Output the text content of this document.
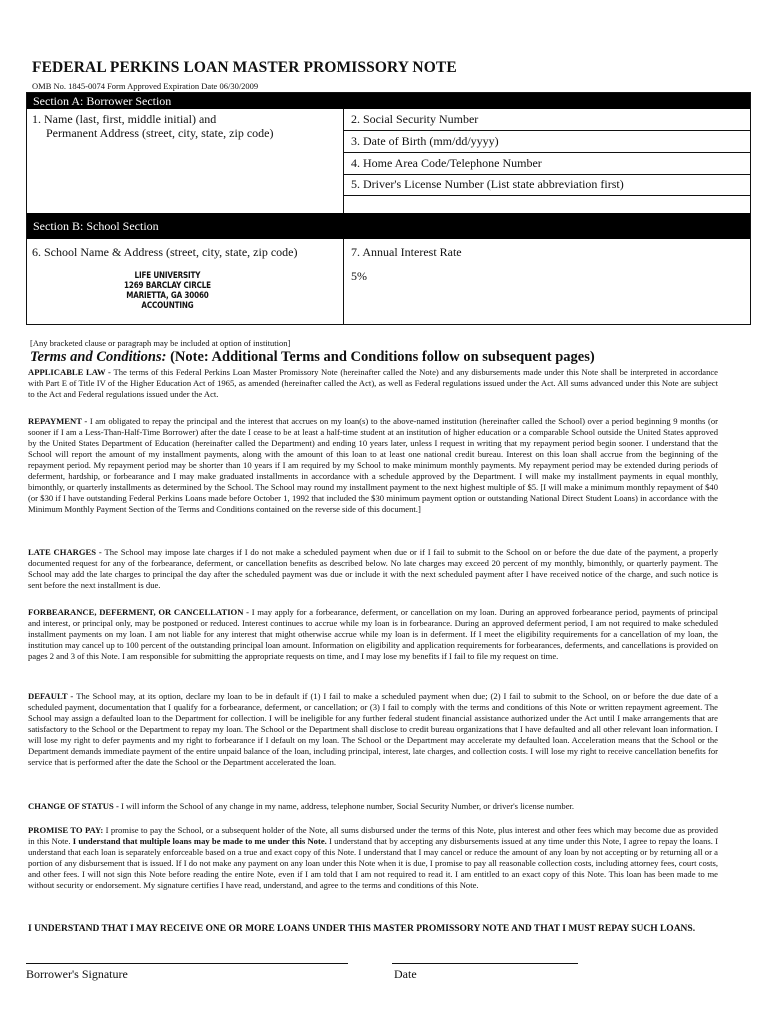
FEDERAL PERKINS LOAN MASTER PROMISSORY NOTE
OMB No. 1845-0074 Form Approved Expiration Date 06/30/2009
Section A: Borrower Section
1. Name (last, first, middle initial) and
Permanent Address (street, city, state, zip code)
2. Social Security Number
3. Date of Birth (mm/dd/yyyy)
4. Home Area Code/Telephone Number
5. Driver's License Number (List state abbreviation first)
Section B: School Section
6. School Name & Address (street, city, state, zip code)	7. Annual Interest Rate
5%
LIFE UNIVERSITY
1269 BARCLAY CIRCLE
MARIETTA, GA 30060
ACCOUNTING
[Any bracketed clause or paragraph may be included at option of institution]
Terms and Conditions: (Note: Additional Terms and Conditions follow on subsequent pages)
APPLICABLE LAW - The terms of this Federal Perkins Loan Master Promissory Note (hereinafter called the Note) and any disbursements made under this Note shall be interpreted in accordance with Part E of Title IV of the Higher Education Act of 1965, as amended (hereinafter called the Act), as well as Federal regulations issued under the Act. All sums advanced under this Note are subject to the Act and Federal regulations issued under the Act.
REPAYMENT - I am obligated to repay the principal and the interest that accrues on my loan(s) to the above-named institution (hereinafter called the School) over a period beginning 9 months (or sooner if I am a Less-Than-Half-Time Borrower) after the date I cease to be at least a half-time student at an institution of higher education or a comparable School outside the United States approved by the United States Department of Education (hereinafter called the Department) and ending 10 years later, unless I request in writing that my repayment period begin sooner. I understand that the School will report the amount of my installment payments, along with the amount of this loan to at least one national credit bureau. Interest on this loan shall accrue from the beginning of the repayment period. My repayment period may be shorter than 10 years if I am required by my School to make minimum monthly payments. My repayment period may be extended during periods of deferment, hardship, or forbearance and I may make graduated installments in accordance with a schedule approved by the Department. I will make my installment payments in equal monthly, bimonthly, or quarterly installments as determined by the School. The School may round my installment payment to the next highest multiple of $5. [I will make a minimum monthly repayment of $40 (or $30 if I have outstanding Federal Perkins Loans made before October 1, 1992 that included the $30 minimum payment option or outstanding National Direct Student Loans) in accordance with the Minimum Monthly Payment Section of the Terms and Conditions contained on the reverse side of this document.]
LATE CHARGES - The School may impose late charges if I do not make a scheduled payment when due or if I fail to submit to the School on or before the due date of the payment, a properly documented request for any of the forbearance, deferment, or cancellation benefits as described below. No late charges may exceed 20 percent of my monthly, bimonthly, or quarterly payment. The School may add the late charges to principal the day after the scheduled payment was due or include it with the next scheduled payment after I have received notice of the charge, and such notice is sent before the next installment is due.
FORBEARANCE, DEFERMENT, OR CANCELLATION - I may apply for a forbearance, deferment, or cancellation on my loan. During an approved forbearance period, payments of principal and interest, or principal only, may be postponed or reduced. Interest continues to accrue while my loan is in forbearance. During an approved deferment period, I am not required to make scheduled installment payments on my loan. I am not liable for any interest that might otherwise accrue while my loan is in deferment. If I meet the eligibility requirements for a cancellation of my loan, the institution may cancel up to 100 percent of the outstanding principal loan amount. Information on eligibility and application requirements for forbearances, deferments, and cancellations is provided on pages 2 and 3 of this Note. I am responsible for submitting the appropriate requests on time, and I may lose my benefits if I fail to file my request on time.
DEFAULT - The School may, at its option, declare my loan to be in default if (1) I fail to make a scheduled payment when due; (2) I fail to submit to the School, on or before the due date of a scheduled payment, documentation that I qualify for a forbearance, deferment, or cancellation; or (3) I fail to comply with the terms and conditions of this Note or written repayment agreement. The School may assign a defaulted loan to the Department for collection. I will be ineligible for any further federal student financial assistance authorized under the Act until I make arrangements that are satisfactory to the School or the Department to repay my loan. The School or the Department shall disclose to credit bureau organizations that I have defaulted and all other relevant loan information. I will lose my right to defer payments and my right to forbearance if I default on my loan. The School or the Department may accelerate my defaulted loan. Acceleration means that the School or the Department demands immediate payment of the entire unpaid balance of the loan, including principal, interest, late charges, and collection costs. I will lose my right to receive cancellation benefits for service that is performed after the date the School or the Department accelerated the loan.
CHANGE OF STATUS - I will inform the School of any change in my name, address, telephone number, Social Security Number, or driver's license number.
PROMISE TO PAY: I promise to pay the School, or a subsequent holder of the Note, all sums disbursed under the terms of this Note, plus interest and other fees which may become due as provided in this Note. I understand that multiple loans may be made to me under this Note. I understand that by accepting any disbursements issued at any time under this Note, I agree to repay the loans. I understand that each loan is separately enforceable based on a true and exact copy of this Note. I understand that I may cancel or reduce the amount of any loan by not accepting or by returning all or a portion of any disbursement that is issued. If I do not make any payment on any loan under this Note when it is due, I promise to pay all reasonable collection costs, including attorney fees, court costs, and other fees. I will not sign this Note before reading the entire Note, even if I am told that I am not required to read it. I am entitled to an exact copy of this Note. This loan has been made to me without security or endorsement. My signature certifies I have read, understand, and agree to the terms and conditions of this Note.
I UNDERSTAND THAT I MAY RECEIVE ONE OR MORE LOANS UNDER THIS MASTER PROMISSORY NOTE AND THAT I MUST REPAY SUCH LOANS.
Borrower's Signature	Date
